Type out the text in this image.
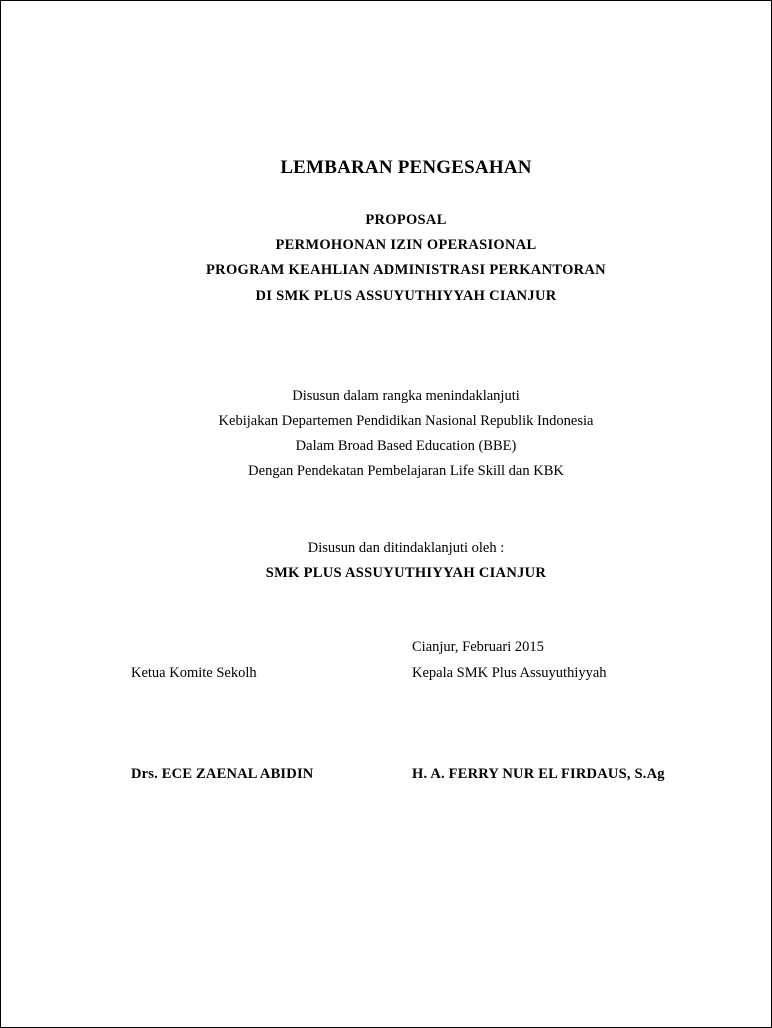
LEMBARAN PENGESAHAN
PROPOSAL
PERMOHONAN IZIN OPERASIONAL
PROGRAM KEAHLIAN ADMINISTRASI PERKANTORAN
DI SMK PLUS ASSUYUTHIYYAH CIANJUR
Disusun dalam rangka menindaklanjuti
Kebijakan Departemen Pendidikan Nasional Republik Indonesia
Dalam Broad Based Education (BBE)
Dengan Pendekatan Pembelajaran Life Skill dan KBK
Disusun dan ditindaklanjuti oleh :
SMK PLUS ASSUYUTHIYYAH CIANJUR
Cianjur, Februari 2015
Ketua Komite Sekolh	Kepala SMK Plus Assuyuthiyyah
Drs. ECE ZAENAL ABIDIN	H. A. FERRY NUR EL FIRDAUS, S.Ag
